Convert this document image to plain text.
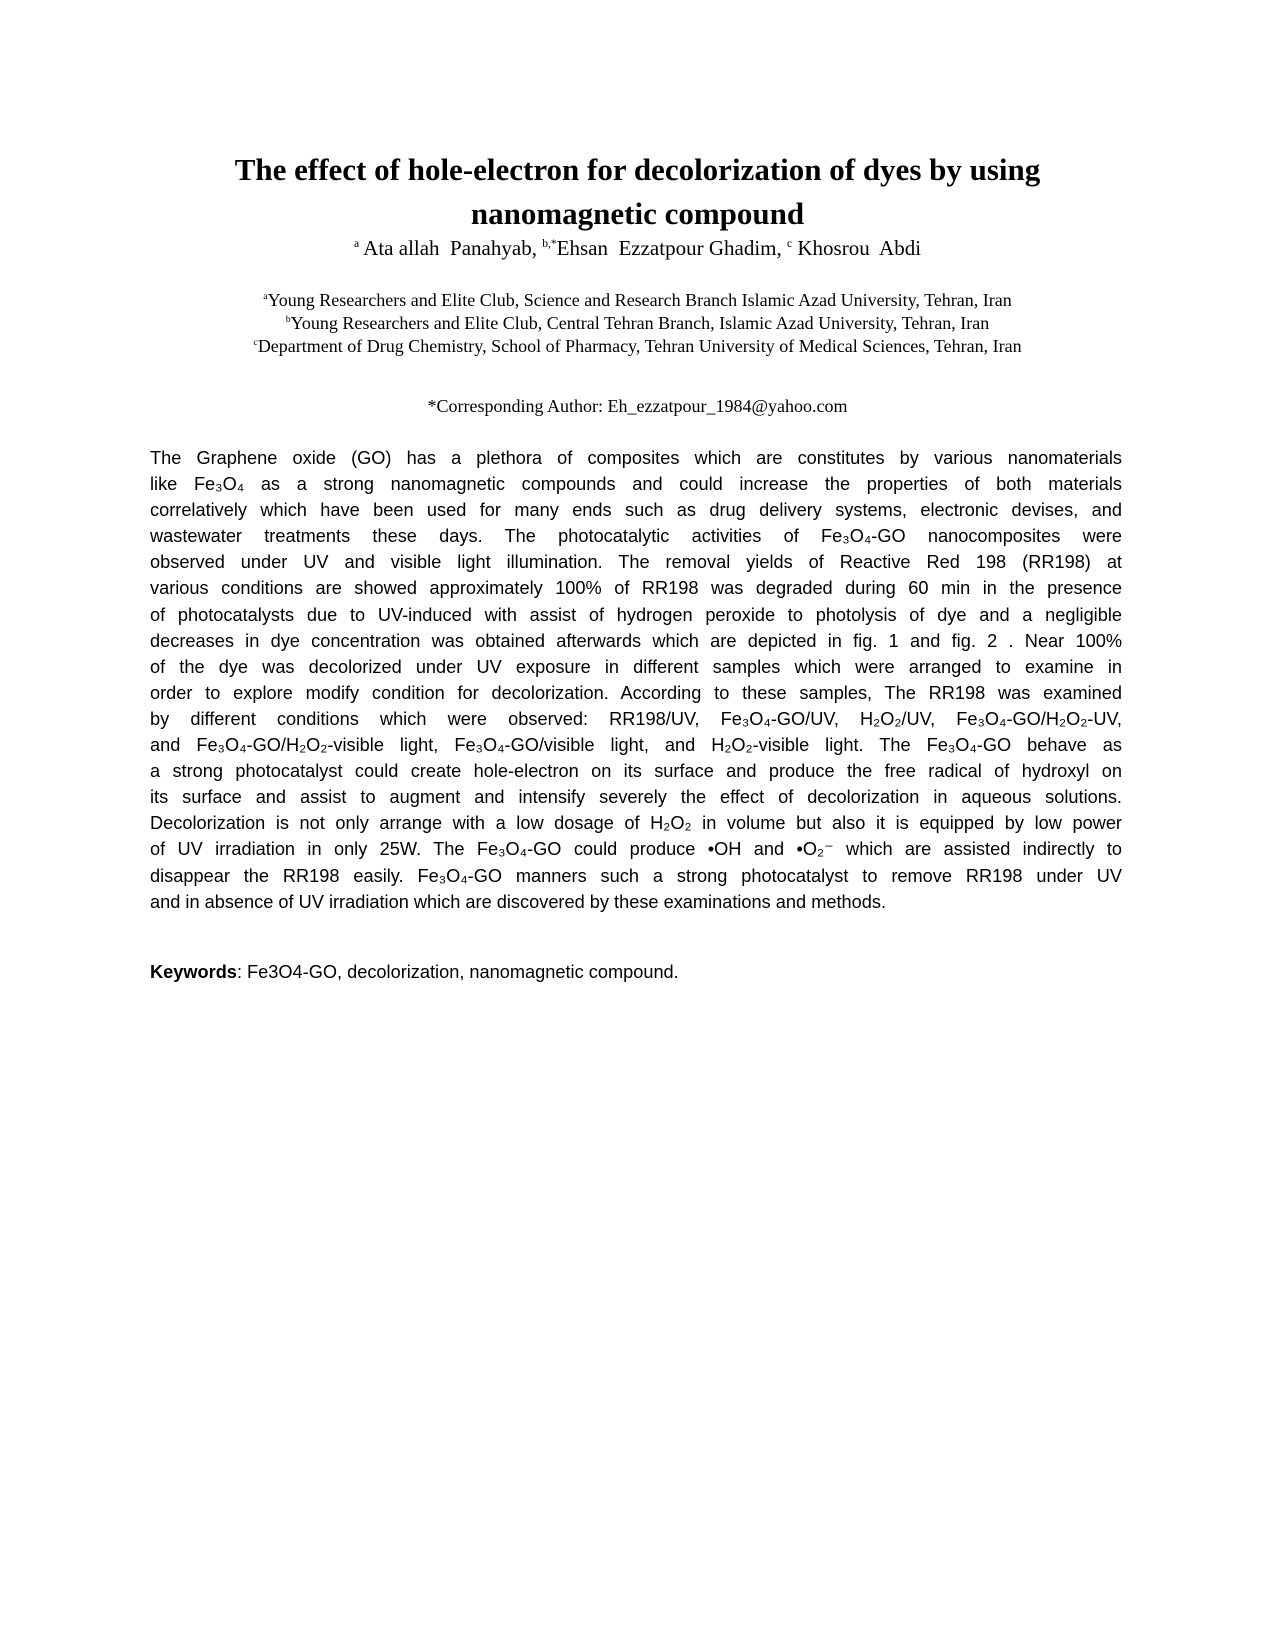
The effect of hole-electron for decolorization of dyes by using
nanomagnetic compound
$^a$ Ata allah  Panahyab, $^{b,*}$Ehsan  Ezzatpour Ghadim, $^c$ Khosrou  Abdi
$^a$Young Researchers and Elite Club, Science and Research Branch Islamic Azad University, Tehran, Iran
$^b$Young Researchers and Elite Club, Central Tehran Branch, Islamic Azad University, Tehran, Iran
$^c$Department of Drug Chemistry, School of Pharmacy, Tehran University of Medical Sciences, Tehran, Iran
*Corresponding Author: Eh_ezzatpour_1984@yahoo.com
The Graphene oxide (GO) has a plethora of composites which are constitutes by various nanomaterials
like Fe₃O₄ as a strong nanomagnetic compounds and could increase the properties of both materials
correlatively which have been used for many ends such as drug delivery systems, electronic devises, and
wastewater treatments these days. The photocatalytic activities of Fe₃O₄-GO nanocomposites were
observed under UV and visible light illumination. The removal yields of Reactive Red 198 (RR198) at
various conditions are showed approximately 100% of RR198 was degraded during 60 min in the presence
of photocatalysts due to UV-induced with assist of hydrogen peroxide to photolysis of dye and a negligible
decreases in dye concentration was obtained afterwards which are depicted in fig. 1 and fig. 2 . Near 100%
of the dye was decolorized under UV exposure in different samples which were arranged to examine in
order to explore modify condition for decolorization. According to these samples, The RR198 was examined
by different conditions which were observed: RR198/UV, Fe₃O₄-GO/UV, H₂O₂/UV, Fe₃O₄-GO/H₂O₂-UV,
and Fe₃O₄-GO/H₂O₂-visible light, Fe₃O₄-GO/visible light, and H₂O₂-visible light. The Fe₃O₄-GO behave as
a strong photocatalyst could create hole-electron on its surface and produce the free radical of hydroxyl on
its surface and assist to augment and intensify severely the effect of decolorization in aqueous solutions.
Decolorization is not only arrange with a low dosage of H₂O₂ in volume but also it is equipped by low power
of UV irradiation in only 25W. The Fe₃O₄-GO could produce •OH and •O₂⁻ which are assisted indirectly to
disappear the RR198 easily. Fe₃O₄-GO manners such a strong photocatalyst to remove RR198 under UV
and in absence of UV irradiation which are discovered by these examinations and methods.
Keywords: Fe3O4-GO, decolorization, nanomagnetic compound.
